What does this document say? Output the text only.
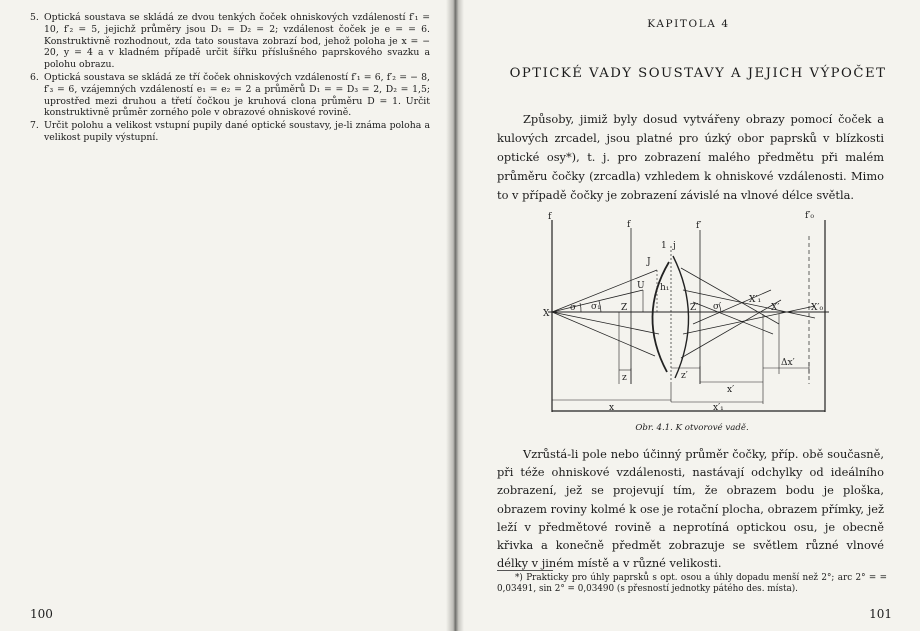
5. Optická soustava se skládá ze dvou tenkých čoček ohniskových vzdáleností f′₁ = 10, f′₂ = 5, jejichž průměry jsou D₁ = D₂ = 2; vzdálenost čoček je e = = 6. Konstruktivně rozhodnout, zda tato soustava zobrazí bod, jehož poloha je x = − 20, y = 4 a v kladném případě určit šířku příslušného paprskového svazku a polohu obrazu.
6. Optická soustava se skládá ze tří čoček ohniskových vzdáleností f′₁ = 6, f′₂ = − 8, f′₃ = 6, vzájemných vzdáleností e₁ = e₂ = 2 a průměrů D₁ = = D₃ = 2, D₂ = 1,5; uprostřed mezi druhou a třetí čočkou je kruhová clona průměru D = 1. Určit konstruktivně průměr zorného pole v obrazové ohniskové rovině.
7. Určit polohu a velikost vstupní pupily dané optické soustavy, je-li známa poloha a velikost pupily výstupní.
100
KAPITOLA 4
OPTICKÉ VADY SOUSTAVY A JEJICH VÝPOČET

Způsoby, jimiž byly dosud vytvářeny obrazy pomocí čoček a kulových zrcadel, jsou platné pro úzký obor paprsků v blízkosti optické osy*), t. j. pro zobrazení malého předmětu při malém průměru čočky (zrcadla) vzhledem k ohniskové vzdálenosti. Mimo to v případě čočky je zobrazení závislé na vlnové délce světla.

f
f
1 j
f′
f′₀
J
h₁
U
Z	Z′ σ′
X
σ σ₁
X′₁
X′	X′₀
z	z′
x′
x	x′₁
Δx′
Obr. 4.1. K otvorové vadě.

Vzrůstá-li pole nebo účinný průměr čočky, příp. obě současně, při téže ohniskové vzdálenosti, nastávají odchylky od ideálního zobrazení, jež se projevují tím, že obrazem bodu je ploška, obrazem roviny kolmé k ose je rotační plocha, obrazem přímky, jež leží v předmětové rovině a neprotíná optickou osu, je obecně křivka a konečně předmět zobrazuje se světlem různé vlnové délky v jiném místě a v různé velikosti.

*) Prakticky pro úhly paprsků s opt. osou a úhly dopadu menší než 2°; arc 2° = = 0,03491, sin 2° = 0,03490 (s přesností jednotky pátého des. místa).

101
